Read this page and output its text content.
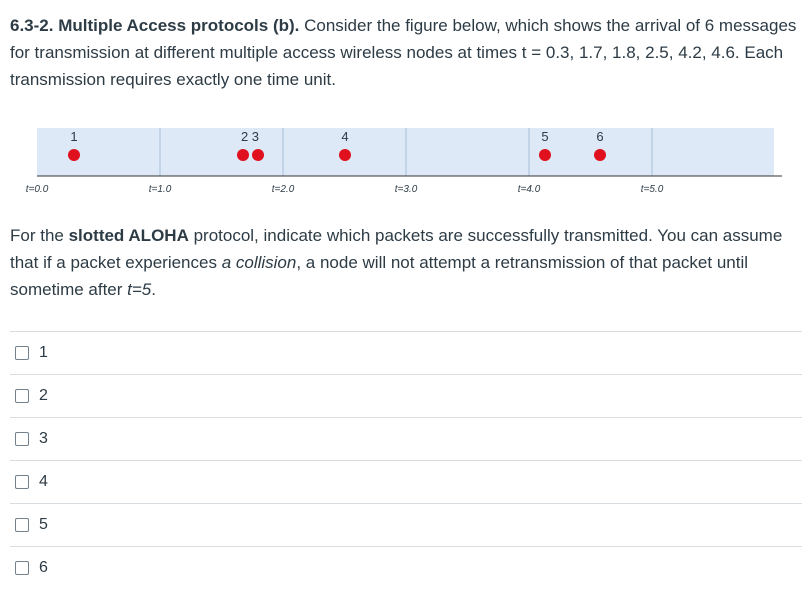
6.3-2. Multiple Access protocols (b). Consider the figure below, which shows the arrival of 6 messages for transmission at different multiple access wireless nodes at times t = 0.3, 1.7, 1.8, 2.5, 4.2, 4.6. Each transmission requires exactly one time unit.
1	2 3	4	5	6
t=0.0	t=1.0	t=2.0	t=3.0	t=4.0	t=5.0
For the slotted ALOHA protocol, indicate which packets are successfully transmitted. You can assume that if a packet experiences a collision, a node will not attempt a retransmission of that packet until sometime after t=5.
1
2
3
4
5
6
